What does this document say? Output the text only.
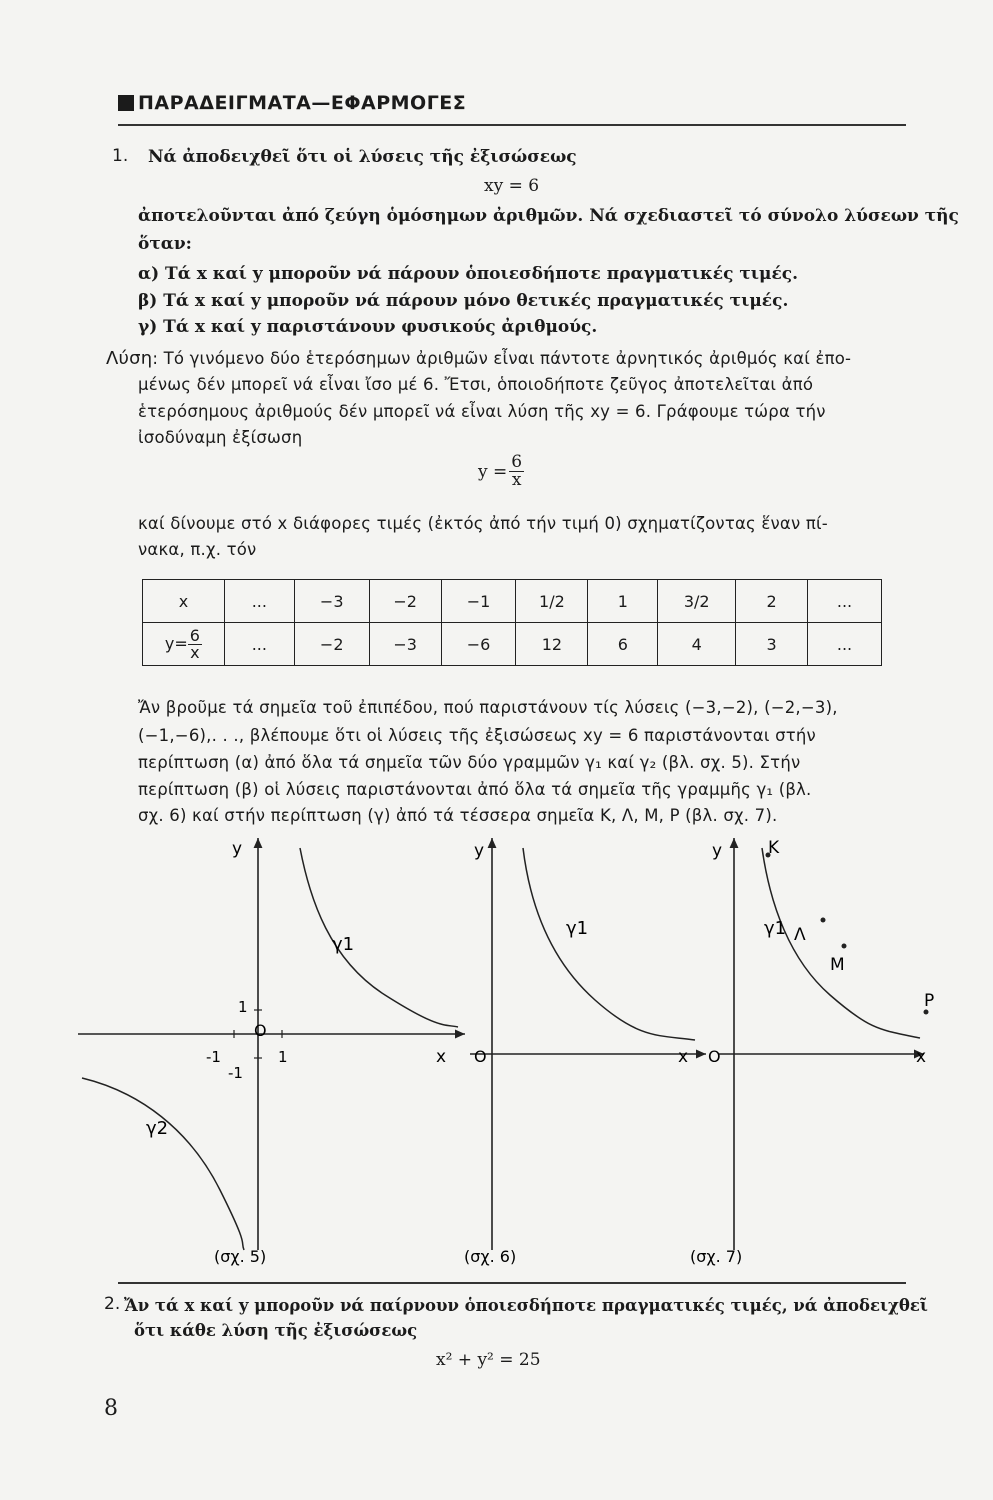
ΠΑΡΑΔΕΙΓΜΑΤΑ—ΕΦΑΡΜΟΓΕΣ
1. Νά ἀποδειχθεῖ ὅτι οἱ λύσεις τῆς ἐξισώσεως
xy = 6
ἀποτελοῦνται ἀπό ζεύγη ὁμόσημων ἀριθμῶν. Νά σχεδιαστεῖ τό σύνολο λύσεων τῆς
ὅταν:
α) Τά x καί y μποροῦν νά πάρουν ὁποιεσδήποτε πραγματικές τιμές.
β) Τά x καί y μποροῦν νά πάρουν μόνο θετικές πραγματικές τιμές.
γ) Τά x καί y παριστάνουν φυσικούς ἀριθμούς.
Λύση: Τό γινόμενο δύο ἑτερόσημων ἀριθμῶν εἶναι πάντοτε ἀρνητικός ἀριθμός καί ἐπο-
μένως δέν μπορεῖ νά εἶναι ἴσο μέ 6. Ἔτσι, ὁποιοδήποτε ζεῦγος ἀποτελεῖται ἀπό
ἑτερόσημους ἀριθμούς δέν μπορεῖ νά εἶναι λύση τῆς xy = 6. Γράφουμε τώρα τήν
ἰσοδύναμη ἐξίσωση
$y = \frac{6}{x}$
καί δίνουμε στό x διάφορες τιμές (ἐκτός ἀπό τήν τιμή 0) σχηματίζοντας ἕναν πί-
νακα, π.χ. τόν
x	...	−3	−2	−1	1/2	1	3/2	2	...
$y= \frac{6}{x}$	...	−2	−3	−6	12	6	4	3	...
Ἄν βροῦμε τά σημεῖα τοῦ ἐπιπέδου, πού παριστάνουν τίς λύσεις (−3,−2), (−2,−3),
(−1,−6),. . ., βλέπουμε ὅτι οἱ λύσεις τῆς ἐξισώσεως xy = 6 παριστάνονται στήν
περίπτωση (α) ἀπό ὅλα τά σημεῖα τῶν δύο γραμμῶν γ₁ καί γ₂ (βλ. σχ. 5). Στήν
περίπτωση (β) οἱ λύσεις παριστάνονται ἀπό ὅλα τά σημεῖα τῆς γραμμῆς γ₁ (βλ.
σχ. 6) καί στήν περίπτωση (γ) ἀπό τά τέσσερα σημεῖα Κ, Λ, Μ, Ρ (βλ. σχ. 7).
y
x
O
1
-1
1
-1
γ1
γ2
(σχ. 5)
y
x
O
γ1
(σχ. 6)
y
x
O
γ1
K
Λ
M
P
(σχ. 7)
2. Ἄν τά x καί y μποροῦν νά παίρνουν ὁποιεσδήποτε πραγματικές τιμές, νά ἀποδειχθεῖ
ὅτι κάθε λύση τῆς ἐξισώσεως
x² + y² = 25
8
